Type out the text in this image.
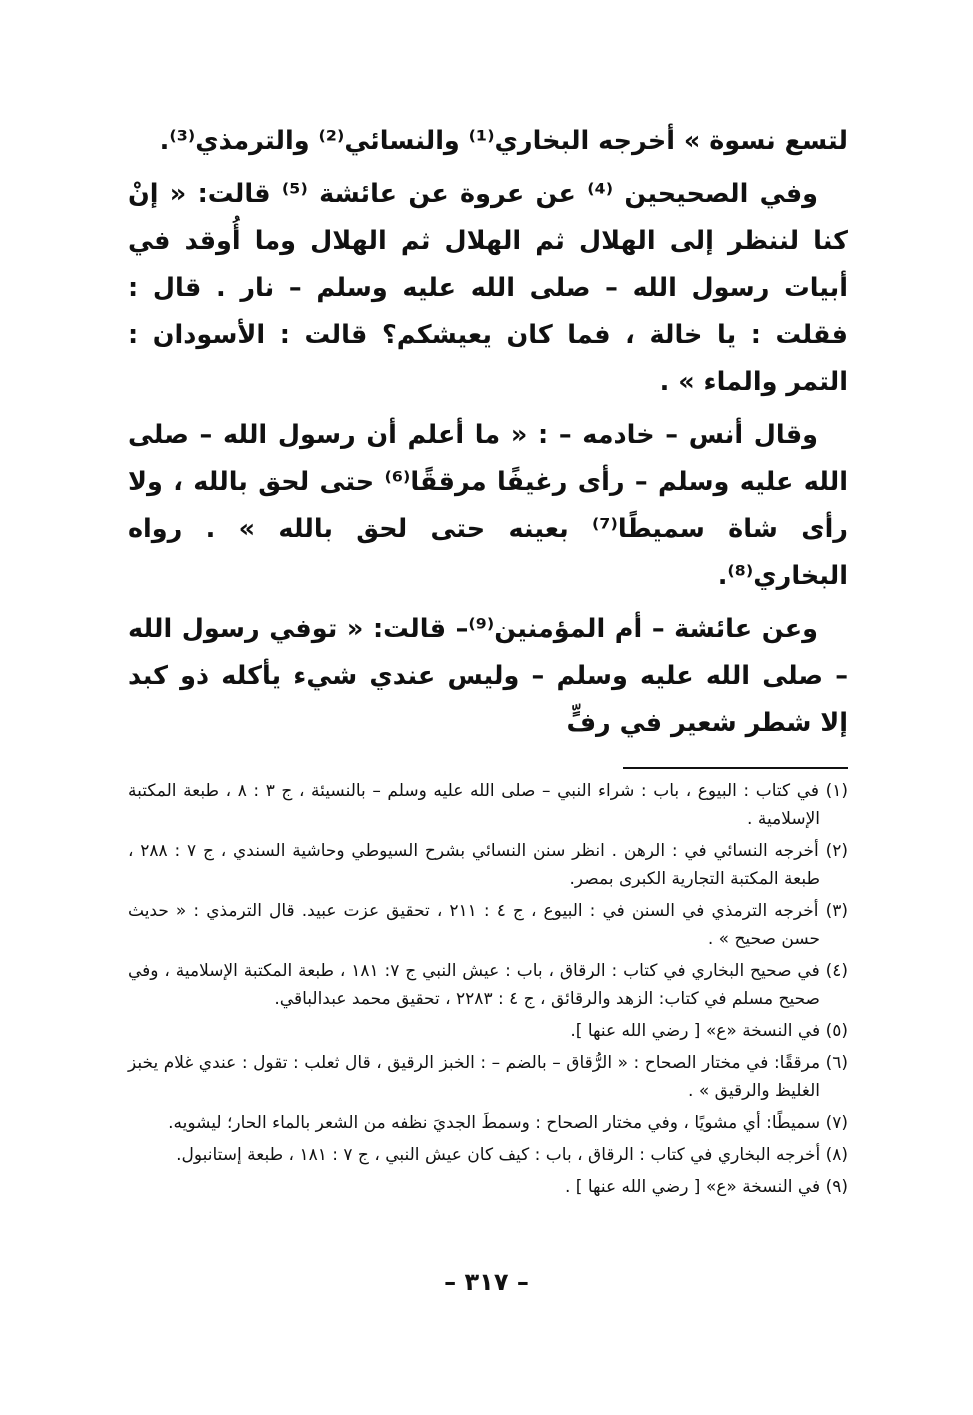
لتسع نسوة » أخرجه البخاري⁽¹⁾ والنسائي⁽²⁾ والترمذي⁽³⁾.

وفي الصحيحين ⁽⁴⁾ عن عروة عن عائشة ⁽⁵⁾ قالت: « إنْ كنا لننظر إلى الهلال ثم الهلال ثم الهلال وما أُوقد في أبيات رسول الله – صلى الله عليه وسلم – نار . قال : فقلت : يا خالة ، فما كان يعيشكم؟ قالت : الأسودان : التمر والماء » .

وقال أنس – خادمه – : « ما أعلم أن رسول الله – صلى الله عليه وسلم – رأى رغيفًا مرققًا⁽⁶⁾ حتى لحق بالله ، ولا رأى شاة سميطًا⁽⁷⁾ بعينه حتى لحق بالله » . رواه البخاري⁽⁸⁾.

وعن عائشة – أم المؤمنين⁽⁹⁾– قالت: « توفي رسول الله – صلى الله عليه وسلم – وليس عندي شيء يأكله ذو كبد إلا شطر شعير في رفٍّ

(١) في كتاب : البيوع ، باب : شراء النبي – صلى الله عليه وسلم – بالنسيئة ، ج ٣ : ٨ ، طبعة المكتبة الإسلامية .

(٢) أخرجه النسائي في : الرهن . انظر سنن النسائي بشرح السيوطي وحاشية السندي ، ج ٧ : ٢٨٨ ، طبعة المكتبة التجارية الكبرى بمصر.

(٣) أخرجه الترمذي في السنن في : البيوع ، ج ٤ : ٢١١ ، تحقيق عزت عبيد. قال الترمذي : « حديث حسن صحيح » .

(٤) في صحيح البخاري في كتاب : الرقاق ، باب : عيش النبي ج ٧: ١٨١ ، طبعة المكتبة الإسلامية ، وفي صحيح مسلم في كتاب: الزهد والرقائق ، ج ٤ : ٢٢٨٣ ، تحقيق محمد عبدالباقي.

(٥) في النسخة «ع» [ رضي الله عنها ].

(٦) مرققًا: في مختار الصحاح : « الرُّقاق – بالضم – : الخبز الرقيق ، قال ثعلب : تقول : عندي غلام يخبز الغليظ والرقيق » .

(٧) سميطًا: أي مشويًا ، وفي مختار الصحاح : وسمطَ الجديَ نظفه من الشعر بالماء الحار؛ ليشويه.

(٨) أخرجه البخاري في كتاب : الرقاق ، باب : كيف كان عيش النبي ، ج ٧ : ١٨١ ، طبعة إستانبول.

(٩) في النسخة «ع» [ رضي الله عنها ] .

– ٣١٧ –
